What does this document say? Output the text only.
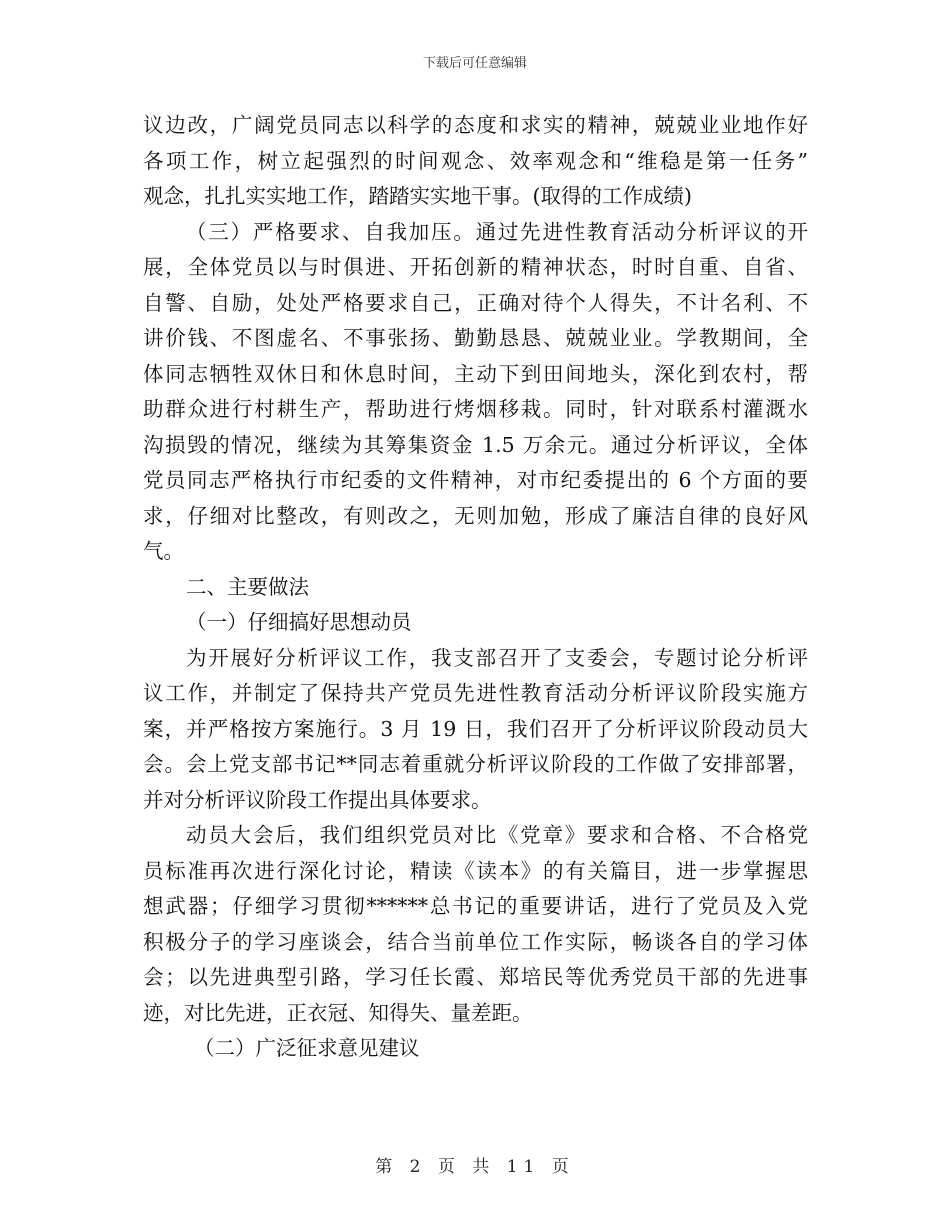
下载后可任意编辑
议边改，广阔党员同志以科学的态度和求实的精神，兢兢业业地作好
各项工作，树立起强烈的时间观念、效率观念和“维稳是第一任务”
观念，扎扎实实地工作，踏踏实实地干事。(取得的工作成绩)
（三）严格要求、自我加压。通过先进性教育活动分析评议的开
展，全体党员以与时俱进、开拓创新的精神状态，时时自重、自省、
自警、自励，处处严格要求自己，正确对待个人得失，不计名利、不
讲价钱、不图虚名、不事张扬、勤勤恳恳、兢兢业业。学教期间，全
体同志牺牲双休日和休息时间，主动下到田间地头，深化到农村，帮
助群众进行村耕生产，帮助进行烤烟移栽。同时，针对联系村灌溉水
沟损毁的情况，继续为其筹集资金 1.5 万余元。通过分析评议，全体
党员同志严格执行市纪委的文件精神，对市纪委提出的 6 个方面的要
求，仔细对比整改，有则改之，无则加勉，形成了廉洁自律的良好风
气。
二、主要做法
（一）仔细搞好思想动员
为开展好分析评议工作，我支部召开了支委会，专题讨论分析评
议工作，并制定了保持共产党员先进性教育活动分析评议阶段实施方
案，并严格按方案施行。3 月 19 日，我们召开了分析评议阶段动员大
会。会上党支部书记**同志着重就分析评议阶段的工作做了安排部署，
并对分析评议阶段工作提出具体要求。
动员大会后，我们组织党员对比《党章》要求和合格、不合格党
员标准再次进行深化讨论，精读《读本》的有关篇目，进一步掌握思
想武器；仔细学习贯彻******总书记的重要讲话，进行了党员及入党
积极分子的学习座谈会，结合当前单位工作实际，畅谈各自的学习体
会；以先进典型引路，学习任长霞、郑培民等优秀党员干部的先进事
迹，对比先进，正衣冠、知得失、量差距。
（二）广泛征求意见建议
第 2 页 共 11 页
